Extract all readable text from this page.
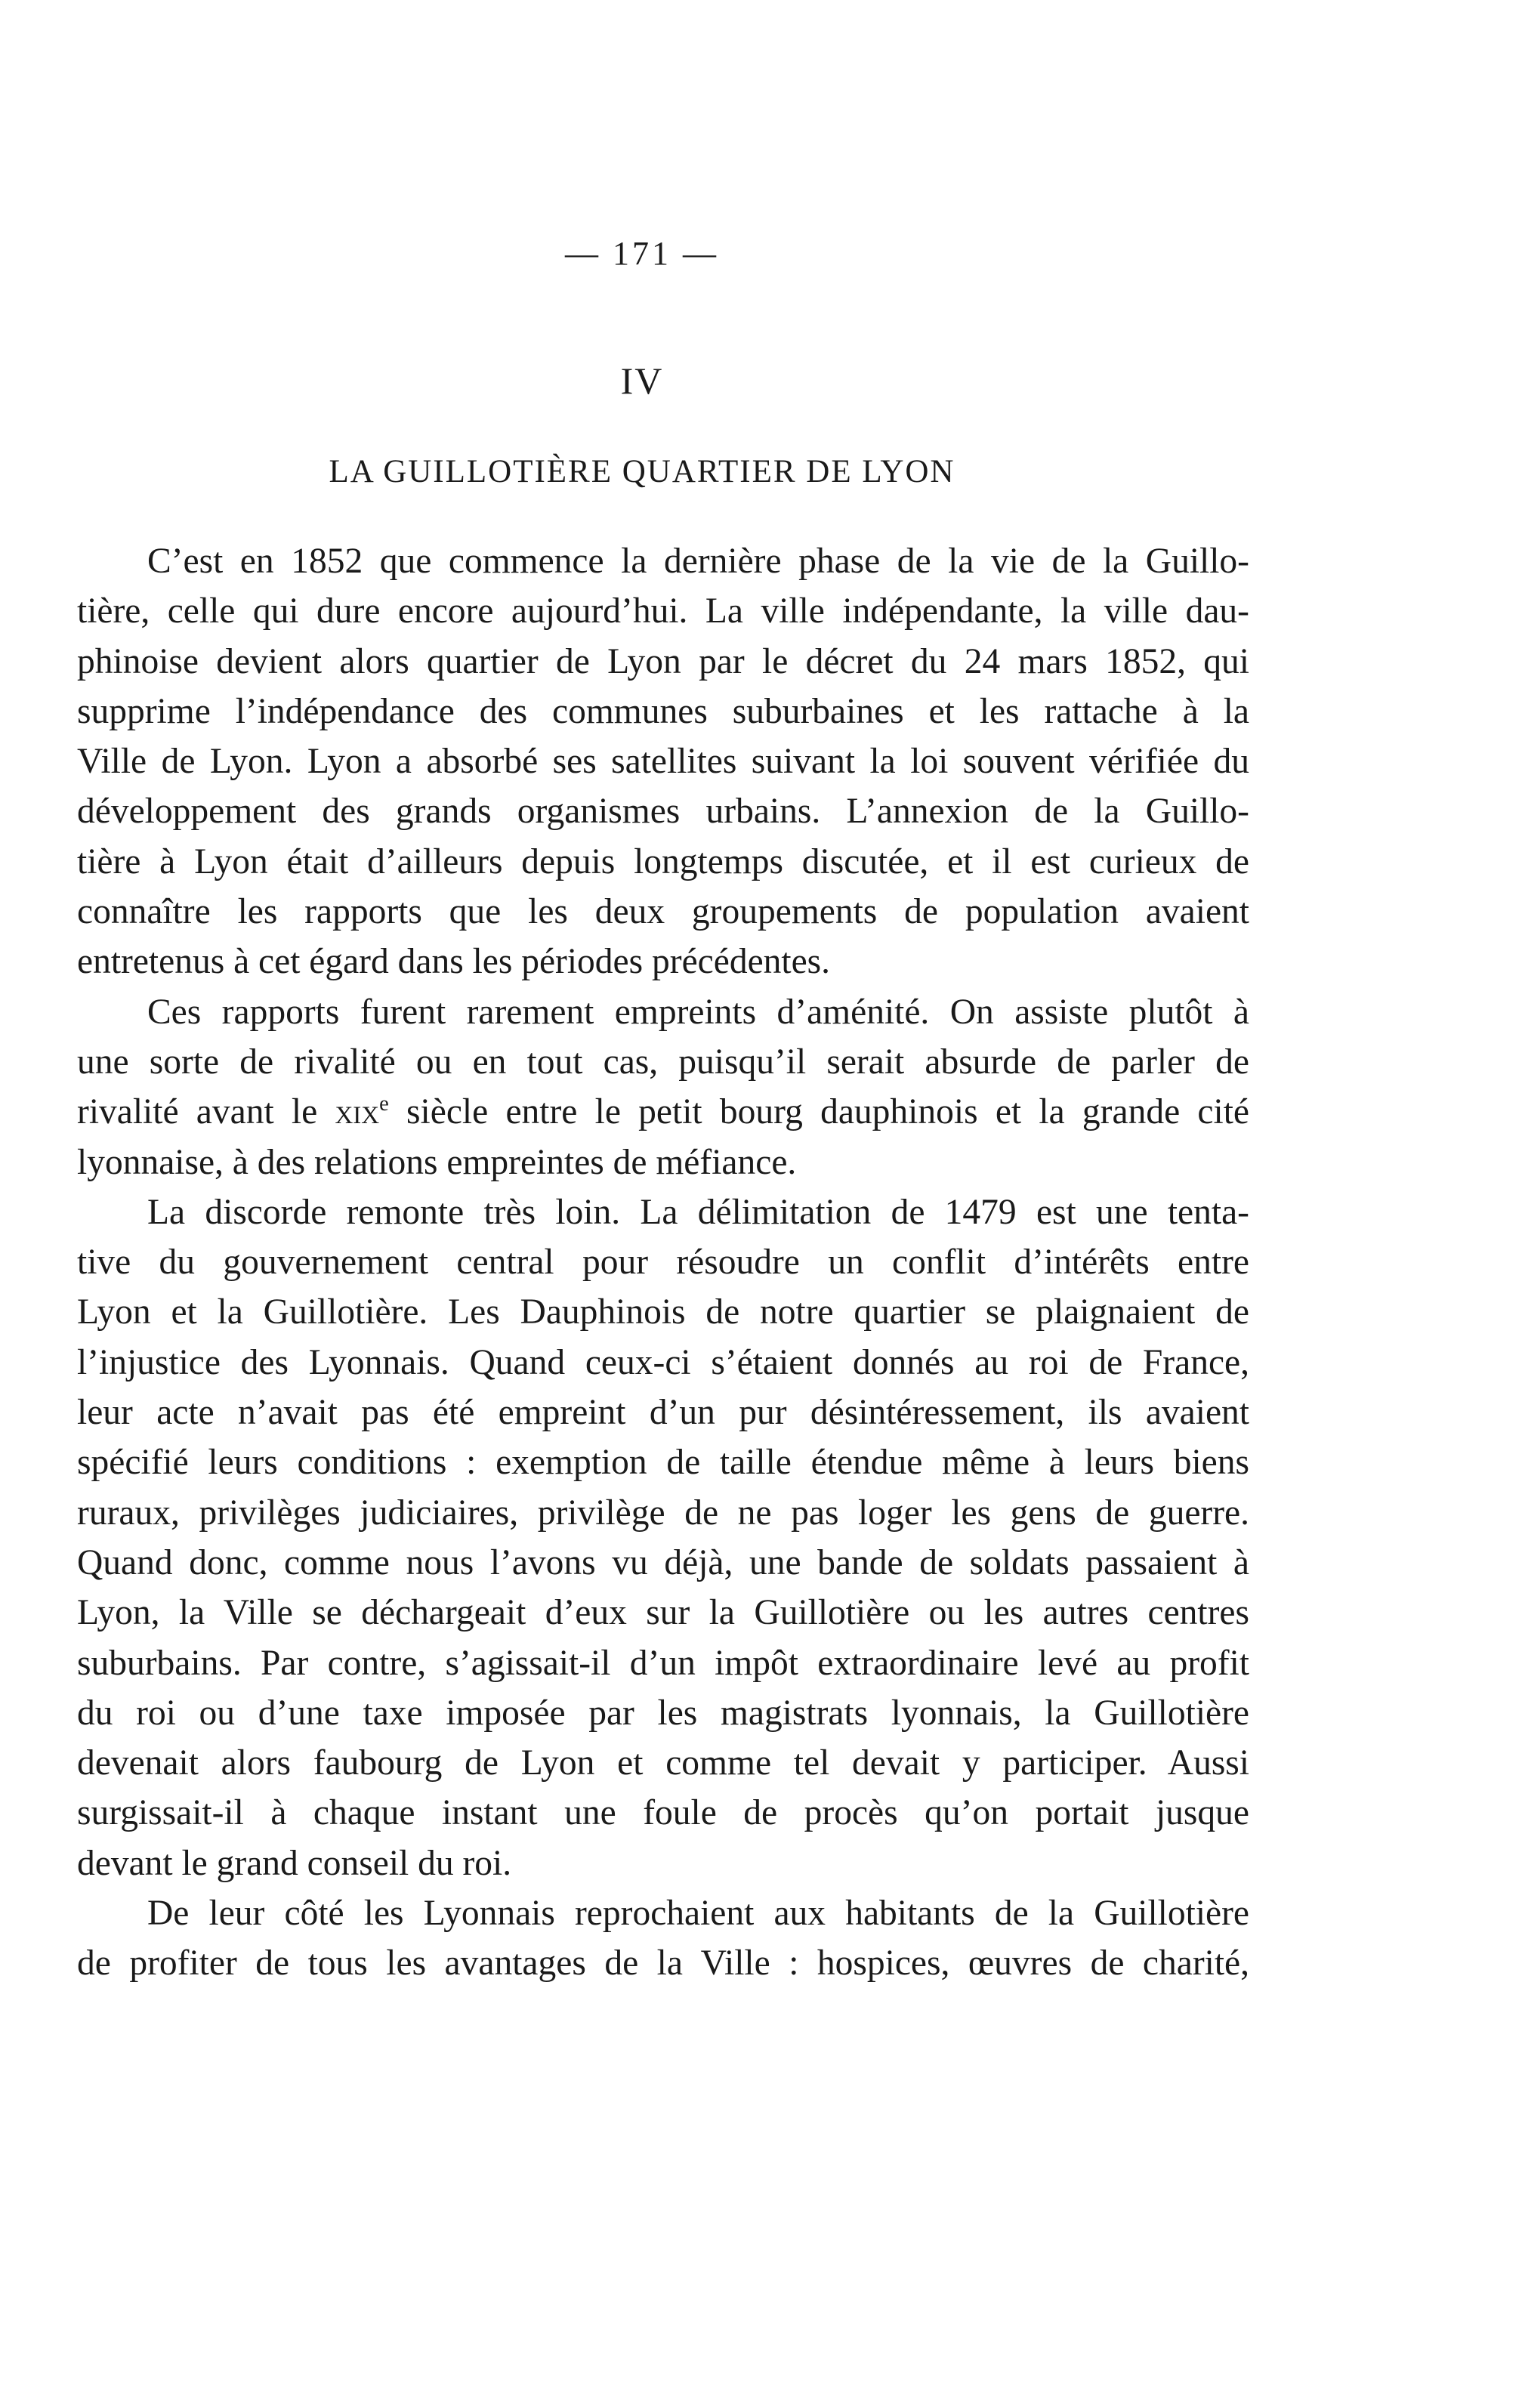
— 171 —
IV
LA GUILLOTIÈRE QUARTIER DE LYON

C’est en 1852 que commence la dernière phase de la vie de la Guillo-
tière, celle qui dure encore aujourd’hui. La ville indépendante, la ville dau-
phinoise devient alors quartier de Lyon par le décret du 24 mars 1852, qui
supprime l’indépendance des communes suburbaines et les rattache à la
Ville de Lyon. Lyon a absorbé ses satellites suivant la loi souvent vérifiée du
développement des grands organismes urbains. L’annexion de la Guillo-
tière à Lyon était d’ailleurs depuis longtemps discutée, et il est curieux de
connaître les rapports que les deux groupements de population avaient
entretenus à cet égard dans les périodes précédentes.

Ces rapports furent rarement empreints d’aménité. On assiste plutôt à
une sorte de rivalité ou en tout cas, puisqu’il serait absurde de parler de
rivalité avant le xix$^e$ siècle entre le petit bourg dauphinois et la grande cité
lyonnaise, à des relations empreintes de méfiance.

La discorde remonte très loin. La délimitation de 1479 est une tenta-
tive du gouvernement central pour résoudre un conflit d’intérêts entre
Lyon et la Guillotière. Les Dauphinois de notre quartier se plaignaient de
l’injustice des Lyonnais. Quand ceux-ci s’étaient donnés au roi de France,
leur acte n’avait pas été empreint d’un pur désintéressement, ils avaient
spécifié leurs conditions : exemption de taille étendue même à leurs biens
ruraux, privilèges judiciaires, privilège de ne pas loger les gens de guerre.
Quand donc, comme nous l’avons vu déjà, une bande de soldats passaient à
Lyon, la Ville se déchargeait d’eux sur la Guillotière ou les autres centres
suburbains. Par contre, s’agissait-il d’un impôt extraordinaire levé au profit
du roi ou d’une taxe imposée par les magistrats lyonnais, la Guillotière
devenait alors faubourg de Lyon et comme tel devait y participer. Aussi
surgissait-il à chaque instant une foule de procès qu’on portait jusque
devant le grand conseil du roi.

De leur côté les Lyonnais reprochaient aux habitants de la Guillotière
de profiter de tous les avantages de la Ville : hospices, œuvres de charité,
